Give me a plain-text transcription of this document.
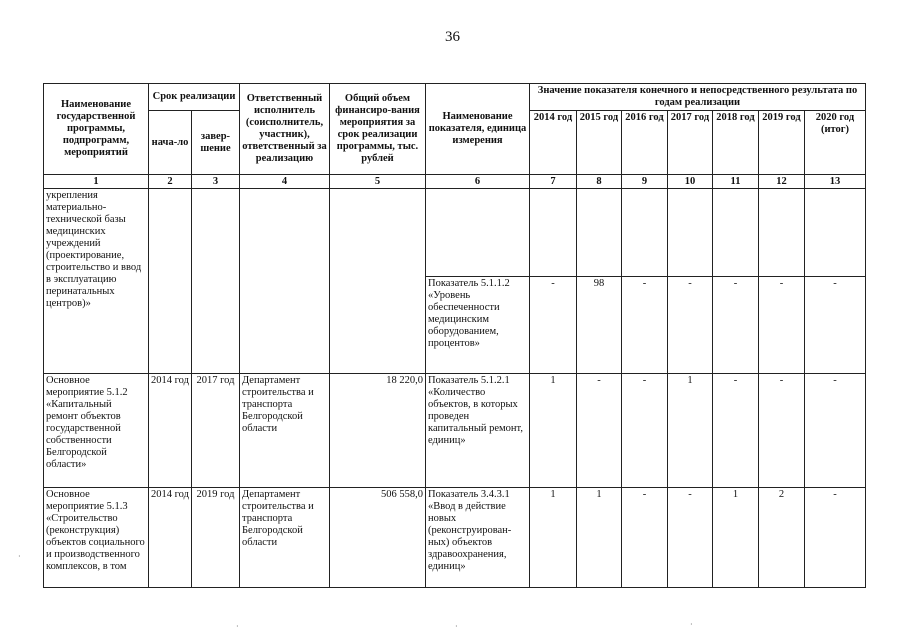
36
Наименование государственной программы, подпрограмм, мероприятий	Срок реализации		Ответственный исполнитель (соисполнитель, участник), ответственный за реализацию	Общий объем финансиро-вания мероприятия за срок реализации программы, тыс. рублей	Наименование показателя, единица измерения	Значение показателя конечного и непосредственного результата по годам реализации						
	нача-ло	завер-шение				2014 год	2015 год	2016 год	2017 год	2018 год	2019 год	2020 год (итог)
1	2	3	4	5	6	7	8	9	10	11	12	13
укрепления материально-технической базы медицинских учреждений (проектирование, строительство и ввод в эксплуатацию перинатальных центров)»												
					Показатель 5.1.1.2 «Уровень обеспеченности медицинским оборудованием, процентов»	-	98	-	-	-	-	-
Основное мероприятие 5.1.2 «Капитальный ремонт объектов государственной собственности Белгородской области»	2014 год	2017 год	Департамент строительства и транспорта Белгородской области	18 220,0	Показатель 5.1.2.1 «Количество объектов, в которых проведен капитальный ремонт, единиц»	1	-	-	1	-	-	-
Основное мероприятие 5.1.3 «Строительство (реконструкция) объектов социального и производственного комплексов, в том	2014 год	2019 год	Департамент строительства и транспорта Белгородской области	506 558,0	Показатель 3.4.3.1 «Ввод в действие новых (реконструирован-ных) объектов здравоохранения, единиц»	1	1	-	-	1	2	-
·
·	·	·
